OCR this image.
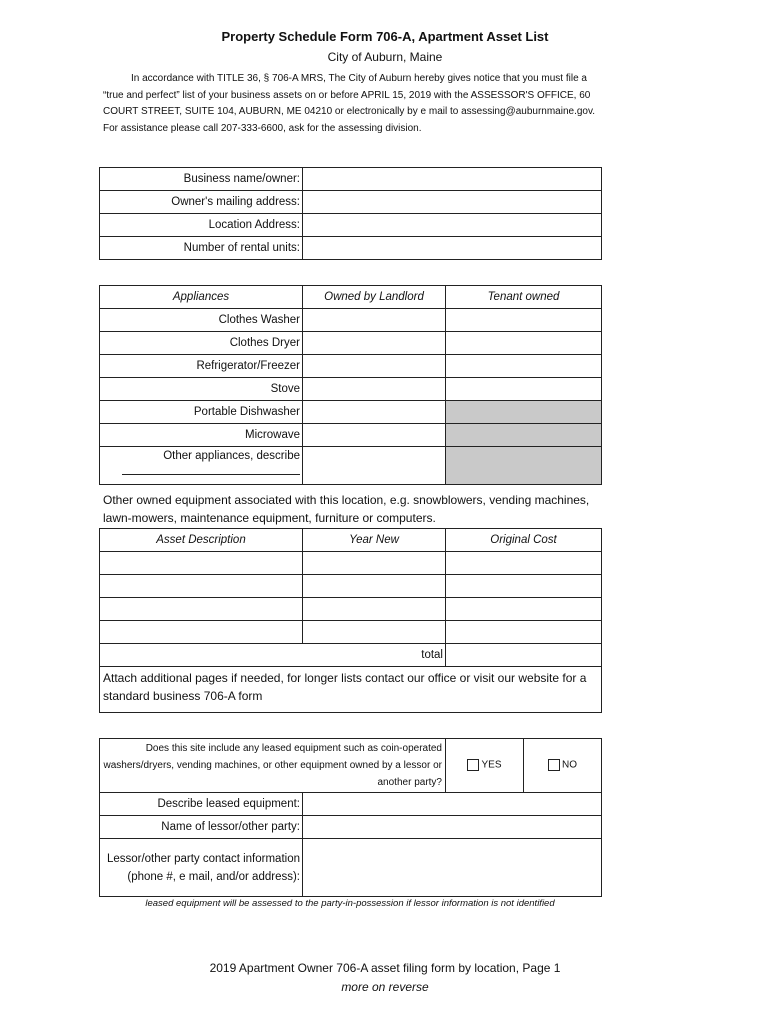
Property Schedule Form 706-A, Apartment Asset List
City of Auburn, Maine
In accordance with TITLE 36, § 706-A MRS, The City of Auburn hereby gives notice that you must file a “true and perfect” list of your business assets on or before APRIL 15, 2019 with the ASSESSOR'S OFFICE, 60 COURT STREET, SUITE 104, AUBURN, ME 04210 or electronically by e mail to assessing@auburnmaine.gov. For assistance please call 207-333-6600, ask for the assessing division.
Business name/owner:	
Owner's mailing address:	
Location Address:	
Number of rental units:	
Appliances	Owned by Landlord	Tenant owned
Clothes Washer		
Clothes Dryer		
Refrigerator/Freezer		
Stove		
Portable Dishwasher		
Microwave		

Other appliances, describe		

Other owned equipment associated with this location, e.g. snowblowers, vending machines, lawn-mowers, maintenance equipment, furniture or computers.
Asset Description	Year New	Original Cost

total		
Attach additional pages if needed, for longer lists contact our office or visit our website for a standard business 706-A form		
Does this site include any leased equipment such as coin-operated washers/dryers, vending machines, or other equipment owned by a lessor or another party?		YES	NO
Describe leased equipment:			
Name of lessor/other party:			
Lessor/other party contact information (phone #, e mail, and/or address):			
leased equipment will be assessed to the party-in-possession if lessor information is not identified
2019 Apartment Owner 706-A asset filing form by location, Page 1
more on reverse
